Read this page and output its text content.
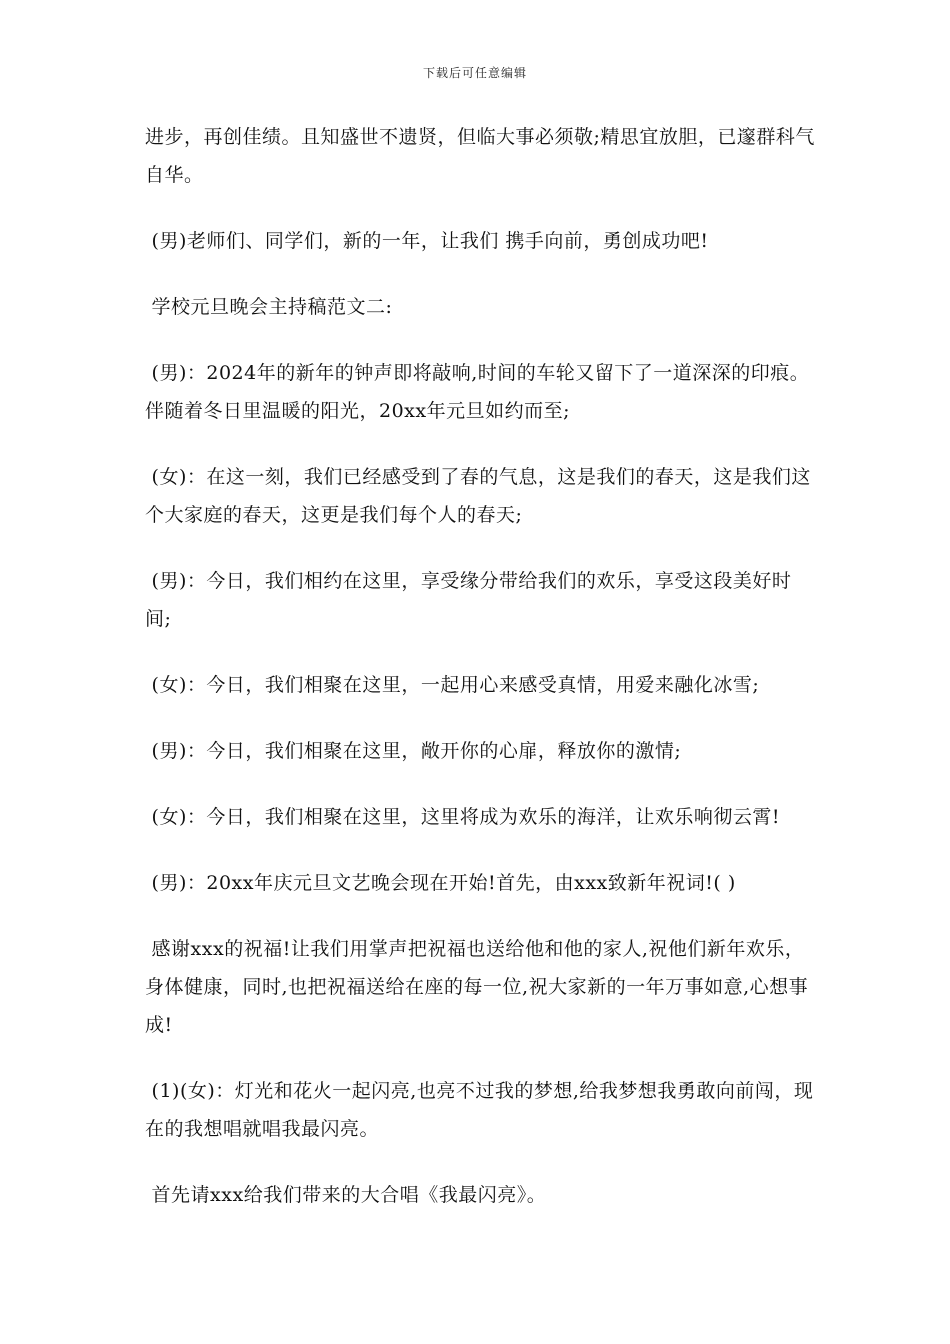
下载后可任意编辑

进步，再创佳绩。且知盛世不遗贤，但临大事必须敬;精思宜放胆，已邃群科气自华。

(男)老师们、同学们，新的一年，让我们 携手向前，勇创成功吧!

学校元旦晚会主持稿范文二:

(男)：2024年的新年的钟声即将敲响,时间的车轮又留下了一道深深的印痕。伴随着冬日里温暖的阳光，20xx年元旦如约而至;

(女)：在这一刻，我们已经感受到了春的气息，这是我们的春天，这是我们这个大家庭的春天，这更是我们每个人的春天;

(男)：今日，我们相约在这里，享受缘分带给我们的欢乐，享受这段美好时间;

(女)：今日，我们相聚在这里，一起用心来感受真情，用爱来融化冰雪;

(男)：今日，我们相聚在这里，敞开你的心扉，释放你的激情;

(女)：今日，我们相聚在这里，这里将成为欢乐的海洋，让欢乐响彻云霄!

(男)：20xx年庆元旦文艺晚会现在开始!首先，由xxx致新年祝词!( )

感谢xxx的祝福!让我们用掌声把祝福也送给他和他的家人,祝他们新年欢乐，身体健康，同时,也把祝福送给在座的每一位,祝大家新的一年万事如意,心想事成!

(1)(女)：灯光和花火一起闪亮,也亮不过我的梦想,给我梦想我勇敢向前闯，现在的我想唱就唱我最闪亮。

首先请xxx给我们带来的大合唱《我最闪亮》。
